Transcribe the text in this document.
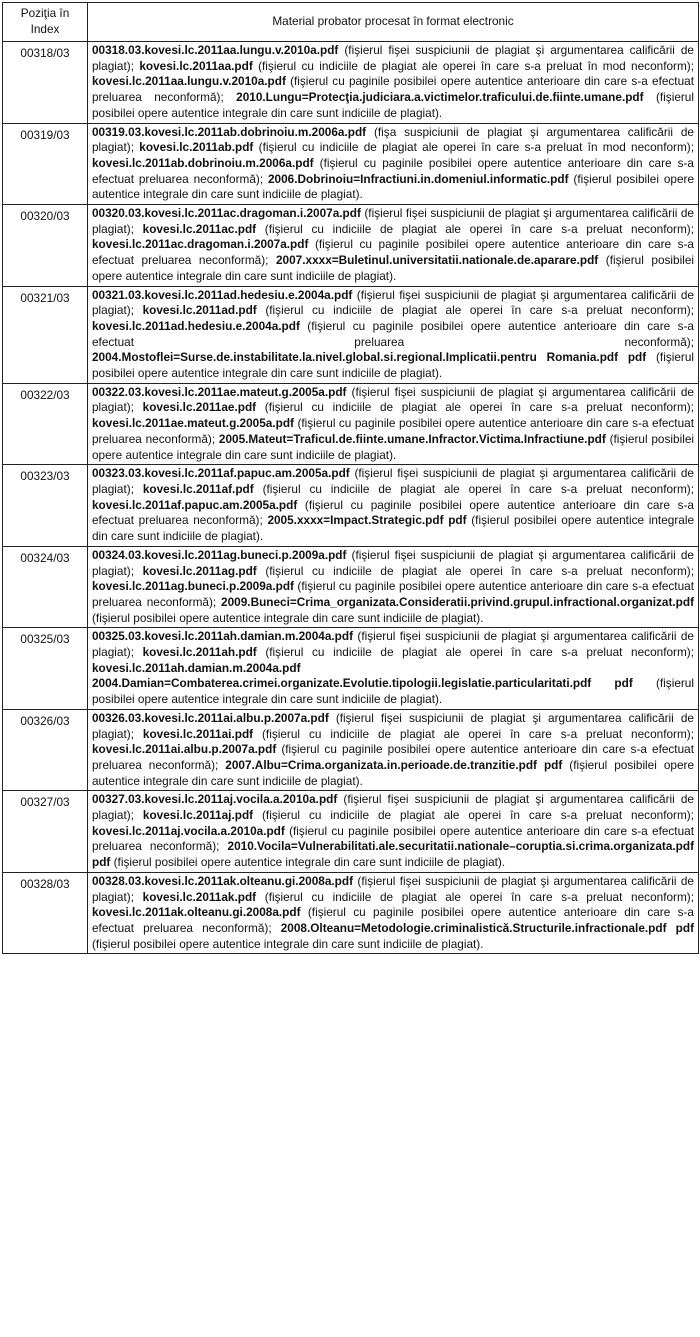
Poziţia în Index	Material probator procesat în format electronic
00318/03	00318.03.kovesi.lc.2011aa.lungu.v.2010a.pdf (fişierul fişei suspiciunii de plagiat şi argumentarea calificării de plagiat); kovesi.lc.2011aa.pdf (fişierul cu indiciile de plagiat ale operei în care s-a preluat în mod neconform); kovesi.lc.2011aa.lungu.v.2010a.pdf (fişierul cu paginile posibilei opere autentice anterioare din care s-a efectuat preluarea neconformă); 2010.Lungu=Protecţia.judiciara.a.victimelor.traficului.de.fiinte.umane.pdf (fişierul posibilei opere autentice integrale din care sunt indiciile de plagiat).
00319/03	00319.03.kovesi.lc.2011ab.dobrinoiu.m.2006a.pdf (fişa suspiciunii de plagiat şi argumentarea calificării de plagiat); kovesi.lc.2011ab.pdf (fişierul cu indiciile de plagiat ale operei în care s-a preluat în mod neconform); kovesi.lc.2011ab.dobrinoiu.m.2006a.pdf (fişierul cu paginile posibilei opere autentice anterioare din care s-a efectuat preluarea neconformă); 2006.Dobrinoiu=Infractiuni.in.domeniul.informatic.pdf (fişierul posibilei opere autentice integrale din care sunt indiciile de plagiat).
00320/03	00320.03.kovesi.lc.2011ac.dragoman.i.2007a.pdf (fişierul fişei suspiciunii de plagiat şi argumentarea calificării de plagiat); kovesi.lc.2011ac.pdf (fişierul cu indiciile de plagiat ale operei în care s-a preluat neconform); kovesi.lc.2011ac.dragoman.i.2007a.pdf (fişierul cu paginile posibilei opere autentice anterioare din care s-a efectuat preluarea neconformă); 2007.xxxx=Buletinul.universitatii.nationale.de.aparare.pdf (fişierul posibilei opere autentice integrale din care sunt indiciile de plagiat).
00321/03	00321.03.kovesi.lc.2011ad.hedesiu.e.2004a.pdf (fişierul fişei suspiciunii de plagiat şi argumentarea calificării de plagiat); kovesi.lc.2011ad.pdf (fişierul cu indiciile de plagiat ale operei în care s-a preluat neconform); kovesi.lc.2011ad.hedesiu.e.2004a.pdf (fişierul cu paginile posibilei opere autentice anterioare din care s-a efectuat preluarea neconformă); 2004.Mostoflei=Surse.de.instabilitate.la.nivel.global.si.regional.Implicatii.pentru Romania.pdf pdf (fişierul posibilei opere autentice integrale din care sunt indiciile de plagiat).
00322/03	00322.03.kovesi.lc.2011ae.mateut.g.2005a.pdf (fişierul fişei suspiciunii de plagiat şi argumentarea calificării de plagiat); kovesi.lc.2011ae.pdf (fişierul cu indiciile de plagiat ale operei în care s-a preluat neconform); kovesi.lc.2011ae.mateut.g.2005a.pdf (fişierul cu paginile posibilei opere autentice anterioare din care s-a efectuat preluarea neconformă); 2005.Mateut=Traficul.de.fiinte.umane.Infractor.Victima.Infractiune.pdf (fişierul posibilei opere autentice integrale din care sunt indiciile de plagiat).
00323/03	00323.03.kovesi.lc.2011af.papuc.am.2005a.pdf (fişierul fişei suspiciunii de plagiat şi argumentarea calificării de plagiat); kovesi.lc.2011af.pdf (fişierul cu indiciile de plagiat ale operei în care s-a preluat neconform); kovesi.lc.2011af.papuc.am.2005a.pdf (fişierul cu paginile posibilei opere autentice anterioare din care s-a efectuat preluarea neconformă); 2005.xxxx=Impact.Strategic.pdf pdf (fişierul posibilei opere autentice integrale din care sunt indiciile de plagiat).
00324/03	00324.03.kovesi.lc.2011ag.buneci.p.2009a.pdf (fişierul fişei suspiciunii de plagiat şi argumentarea calificării de plagiat); kovesi.lc.2011ag.pdf (fişierul cu indiciile de plagiat ale operei în care s-a preluat neconform); kovesi.lc.2011ag.buneci.p.2009a.pdf (fişierul cu paginile posibilei opere autentice anterioare din care s-a efectuat preluarea neconformă); 2009.Buneci=Crima_organizata.Consideratii.privind.grupul.infractional.organizat.pdf (fişierul posibilei opere autentice integrale din care sunt indiciile de plagiat).
00325/03	00325.03.kovesi.lc.2011ah.damian.m.2004a.pdf (fişierul fişei suspiciunii de plagiat şi argumentarea calificării de plagiat); kovesi.lc.2011ah.pdf (fişierul cu indiciile de plagiat ale operei în care s-a preluat neconform); kovesi.lc.2011ah.damian.m.2004a.pdf 2004.Damian=Combaterea.crimei.organizate.Evolutie.tipologii.legislatie.particularitati.pdf pdf (fişierul posibilei opere autentice integrale din care sunt indiciile de plagiat).
00326/03	00326.03.kovesi.lc.2011ai.albu.p.2007a.pdf (fişierul fişei suspiciunii de plagiat şi argumentarea calificării de plagiat); kovesi.lc.2011ai.pdf (fişierul cu indiciile de plagiat ale operei în care s-a preluat neconform); kovesi.lc.2011ai.albu.p.2007a.pdf (fişierul cu paginile posibilei opere autentice anterioare din care s-a efectuat preluarea neconformă); 2007.Albu=Crima.organizata.in.perioade.de.tranzitie.pdf pdf (fişierul posibilei opere autentice integrale din care sunt indiciile de plagiat).
00327/03	00327.03.kovesi.lc.2011aj.vocila.a.2010a.pdf (fişierul fişei suspiciunii de plagiat şi argumentarea calificării de plagiat); kovesi.lc.2011aj.pdf (fişierul cu indiciile de plagiat ale operei în care s-a preluat neconform); kovesi.lc.2011aj.vocila.a.2010a.pdf (fişierul cu paginile posibilei opere autentice anterioare din care s-a efectuat preluarea neconformă); 2010.Vocila=Vulnerabilitati.ale.securitatii.nationale–coruptia.si.crima.organizata.pdf pdf (fişierul posibilei opere autentice integrale din care sunt indiciile de plagiat).
00328/03	00328.03.kovesi.lc.2011ak.olteanu.gi.2008a.pdf (fişierul fişei suspiciunii de plagiat şi argumentarea calificării de plagiat); kovesi.lc.2011ak.pdf (fişierul cu indiciile de plagiat ale operei în care s-a preluat neconform); kovesi.lc.2011ak.olteanu.gi.2008a.pdf (fişierul cu paginile posibilei opere autentice anterioare din care s-a efectuat preluarea neconformă); 2008.Olteanu=Metodologie.criminalistică.Structurile.infractionale.pdf pdf (fişierul posibilei opere autentice integrale din care sunt indiciile de plagiat).
